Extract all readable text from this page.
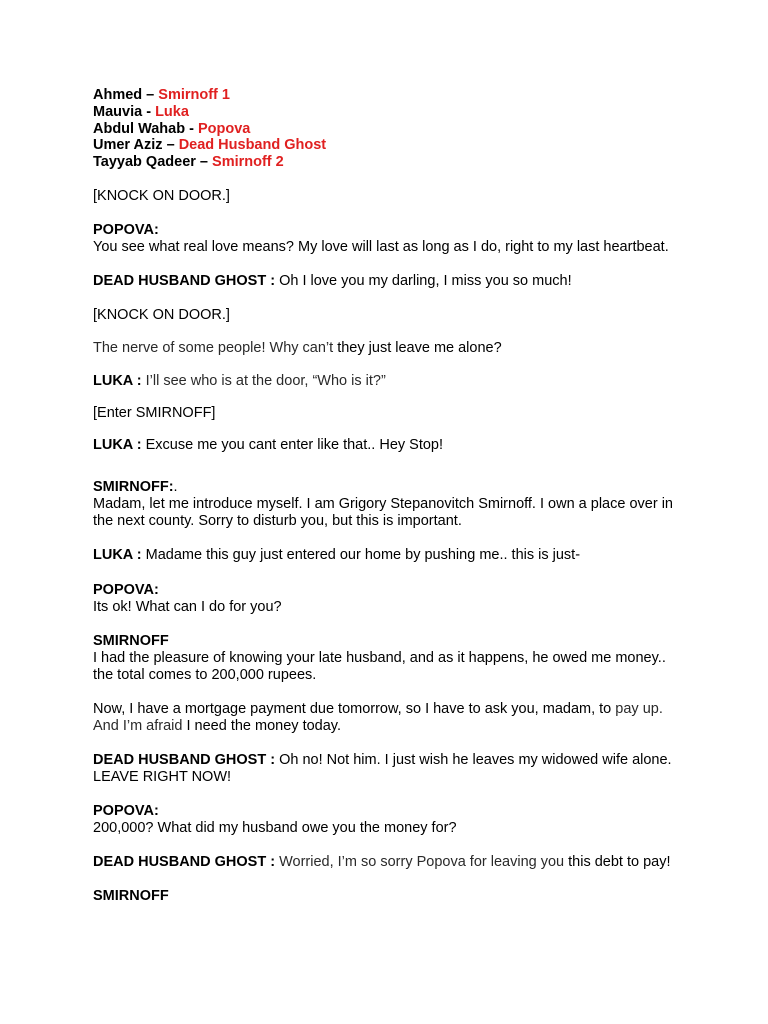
Ahmed – Smirnoff 1
Mauvia - Luka
Abdul Wahab - Popova
Umer Aziz – Dead Husband Ghost
Tayyab Qadeer – Smirnoff 2

[KNOCK ON DOOR.]

POPOVA:
You see what real love means? My love will last as long as I do, right to my last heartbeat.

DEAD HUSBAND GHOST : Oh I love you my darling, I miss you so much!

[KNOCK ON DOOR.]

The nerve of some people! Why can’t they just leave me alone?

LUKA : I’ll see who is at the door, “Who is it?”

[Enter SMIRNOFF]

LUKA : Excuse me you cant enter like that.. Hey Stop!

SMIRNOFF:.
Madam, let me introduce myself. I am Grigory Stepanovitch Smirnoff. I own a place over in the next county. Sorry to disturb you, but this is important.

LUKA : Madame this guy just entered our home by pushing me.. this is just-

POPOVA:
Its ok! What can I do for you?

SMIRNOFF
I had the pleasure of knowing your late husband, and as it happens, he owed me money.. the total comes to 200,000 rupees.

Now, I have a mortgage payment due tomorrow, so I have to ask you, madam, to pay up. And I’m afraid I need the money today.

DEAD HUSBAND GHOST : Oh no! Not him. I just wish he leaves my widowed wife alone. LEAVE RIGHT NOW!

POPOVA:
200,000? What did my husband owe you the money for?

DEAD HUSBAND GHOST : Worried, I’m so sorry Popova for leaving you this debt to pay!

SMIRNOFF
